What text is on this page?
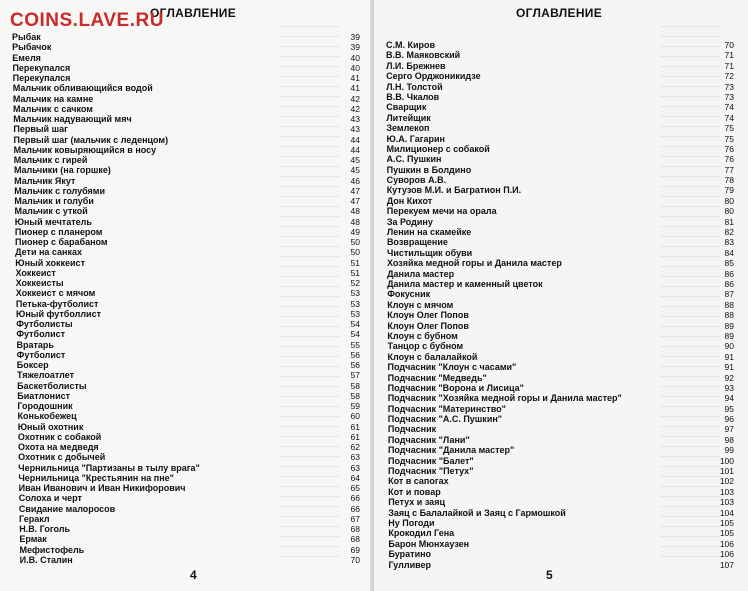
ОГЛАВЛЕНИЕ
Рыбак	39
Рыбачок	39
Емеля	40
Перекупался	40
Перекупался	41
Мальчик обливающийся водой	41
Мальчик на камне	42
Мальчик с сачком	42
Мальчик надувающий мяч	43
Первый шаг	43
Первый шаг (мальчик с леденцом)	44
Мальчик ковыряющийся в носу	44
Мальчик с гирей	45
Мальчики (на горшке)	45
Мальчик Якут	46
Мальчик с голубями	47
Мальчик и голуби	47
Мальчик с уткой	48
Юный мечтатель	48
Пионер с планером	49
Пионер с барабаном	50
Дети на санках	50
Юный хоккеист	51
Хоккеист	51
Хоккеисты	52
Хоккеист с мячом	53
Петька-футболист	53
Юный футболлист	53
Футболисты	54
Футболист	54
Вратарь	55
Футболист	56
Боксер	56
Тяжелоатлет	57
Баскетболисты	58
Биатлонист	58
Городошник	59
Конькобежец	60
Юный охотник	61
Охотник с собакой	61
Охота на медведя	62
Охотник с добычей	63
Чернильница "Партизаны в тылу врага"	63
Чернильница "Крестьянин на пне"	64
Иван Иванович и Иван Никифорович	65
Солоха и черт	66
Свидание малоросов	66
Геракл	67
Н.В. Гоголь	68
Ермак	68
Мефистофель	69
И.В. Сталин	70
4
ОГЛАВЛЕНИЕ
С.М. Киров	70
В.В. Маяковский	71
Л.И. Брежнев	71
Серго Орджоникидзе	72
Л.Н. Толстой	73
В.В. Чкалов	73
Сварщик	74
Литейщик	74
Землекоп	75
Ю.А. Гагарин	75
Милиционер с собакой	76
А.С. Пушкин	76
Пушкин в Болдино	77
Суворов А.В.	78
Кутузов М.И. и Багратион П.И.	79
Дон Кихот	80
Перекуем мечи на орала	80
За Родину	81
Ленин на скамейке	82
Возвращение	83
Чистильщик обуви	84
Хозяйка медной горы и Данила мастер	85
Данила мастер	86
Данила мастер и каменный цветок	86
Фокусник	87
Клоун с мячом	88
Клоун Олег Попов	88
Клоун Олег Попов	89
Клоун с бубном	89
Танцор с бубном	90
Клоун с балалайкой	91
Подчасник "Клоун с часами"	91
Подчасник "Медведь"	92
Подчасник "Ворона и Лисица"	93
Подчасник "Хозяйка медной горы и Данила мастер"	94
Подчасник "Материнство"	95
Подчасник "А.С. Пушкин"	96
Подчасник	97
Подчасник "Лани"	98
Подчасник "Данила мастер"	99
Подчасник "Балет"	100
Подчасник "Петух"	101
Кот в сапогах	102
Кот и повар	103
Петух и заяц	103
Заяц с Балалайкой и Заяц с Гармошкой	104
Ну Погоди	105
Крокодил Гена	105
Барон Мюнхаузен	106
Буратино	106
Гулливер	107
5
COINS.LAVE.RU
